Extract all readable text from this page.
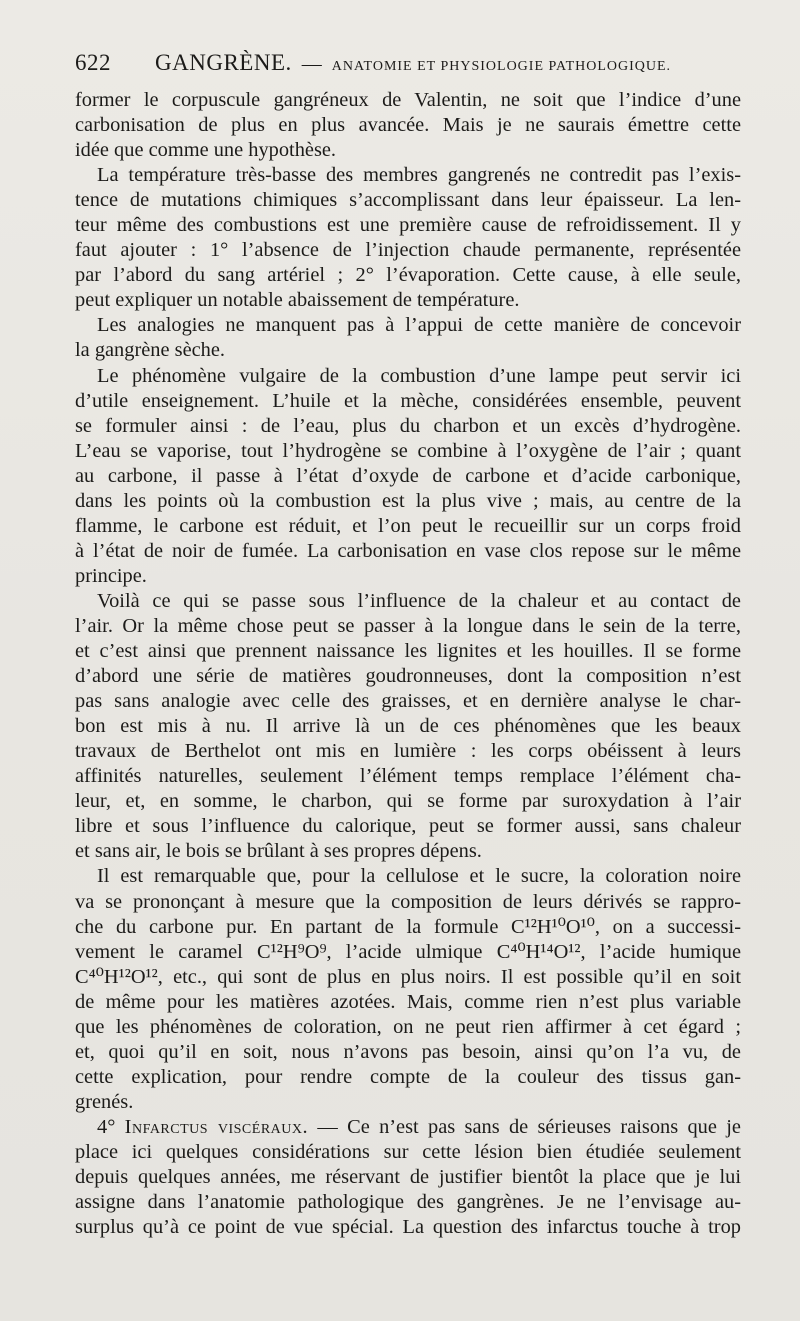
622 GANGRÈNE. — ANATOMIE ET PHYSIOLOGIE PATHOLOGIQUE.
former le corpuscule gangréneux de Valentin, ne soit que l’indice d’une
carbonisation de plus en plus avancée. Mais je ne saurais émettre cette
idée que comme une hypothèse.
La température très-basse des membres gangrenés ne contredit pas l’exis-
tence de mutations chimiques s’accomplissant dans leur épaisseur. La len-
teur même des combustions est une première cause de refroidissement. Il y
faut ajouter : 1° l’absence de l’injection chaude permanente, représentée
par l’abord du sang artériel ; 2° l’évaporation. Cette cause, à elle seule,
peut expliquer un notable abaissement de température.
Les analogies ne manquent pas à l’appui de cette manière de concevoir
la gangrène sèche.
Le phénomène vulgaire de la combustion d’une lampe peut servir ici
d’utile enseignement. L’huile et la mèche, considérées ensemble, peuvent
se formuler ainsi : de l’eau, plus du charbon et un excès d’hydrogène.
L’eau se vaporise, tout l’hydrogène se combine à l’oxygène de l’air ; quant
au carbone, il passe à l’état d’oxyde de carbone et d’acide carbonique,
dans les points où la combustion est la plus vive ; mais, au centre de la
flamme, le carbone est réduit, et l’on peut le recueillir sur un corps froid
à l’état de noir de fumée. La carbonisation en vase clos repose sur le même
principe.
Voilà ce qui se passe sous l’influence de la chaleur et au contact de
l’air. Or la même chose peut se passer à la longue dans le sein de la terre,
et c’est ainsi que prennent naissance les lignites et les houilles. Il se forme
d’abord une série de matières goudronneuses, dont la composition n’est
pas sans analogie avec celle des graisses, et en dernière analyse le char-
bon est mis à nu. Il arrive là un de ces phénomènes que les beaux
travaux de Berthelot ont mis en lumière : les corps obéissent à leurs
affinités naturelles, seulement l’élément temps remplace l’élément cha-
leur, et, en somme, le charbon, qui se forme par suroxydation à l’air
libre et sous l’influence du calorique, peut se former aussi, sans chaleur
et sans air, le bois se brûlant à ses propres dépens.
Il est remarquable que, pour la cellulose et le sucre, la coloration noire
va se prononçant à mesure que la composition de leurs dérivés se rappro-
che du carbone pur. En partant de la formule C¹²H¹⁰O¹⁰, on a successi-
vement le caramel C¹²H⁹O⁹, l’acide ulmique C⁴⁰H¹⁴O¹², l’acide humique
C⁴⁰H¹²O¹², etc., qui sont de plus en plus noirs. Il est possible qu’il en soit
de même pour les matières azotées. Mais, comme rien n’est plus variable
que les phénomènes de coloration, on ne peut rien affirmer à cet égard ;
et, quoi qu’il en soit, nous n’avons pas besoin, ainsi qu’on l’a vu, de
cette explication, pour rendre compte de la couleur des tissus gan-
grenés.
4° Infarctus viscéraux. — Ce n’est pas sans de sérieuses raisons que je
place ici quelques considérations sur cette lésion bien étudiée seulement
depuis quelques années, me réservant de justifier bientôt la place que je lui
assigne dans l’anatomie pathologique des gangrènes. Je ne l’envisage au-
surplus qu’à ce point de vue spécial. La question des infarctus touche à trop
